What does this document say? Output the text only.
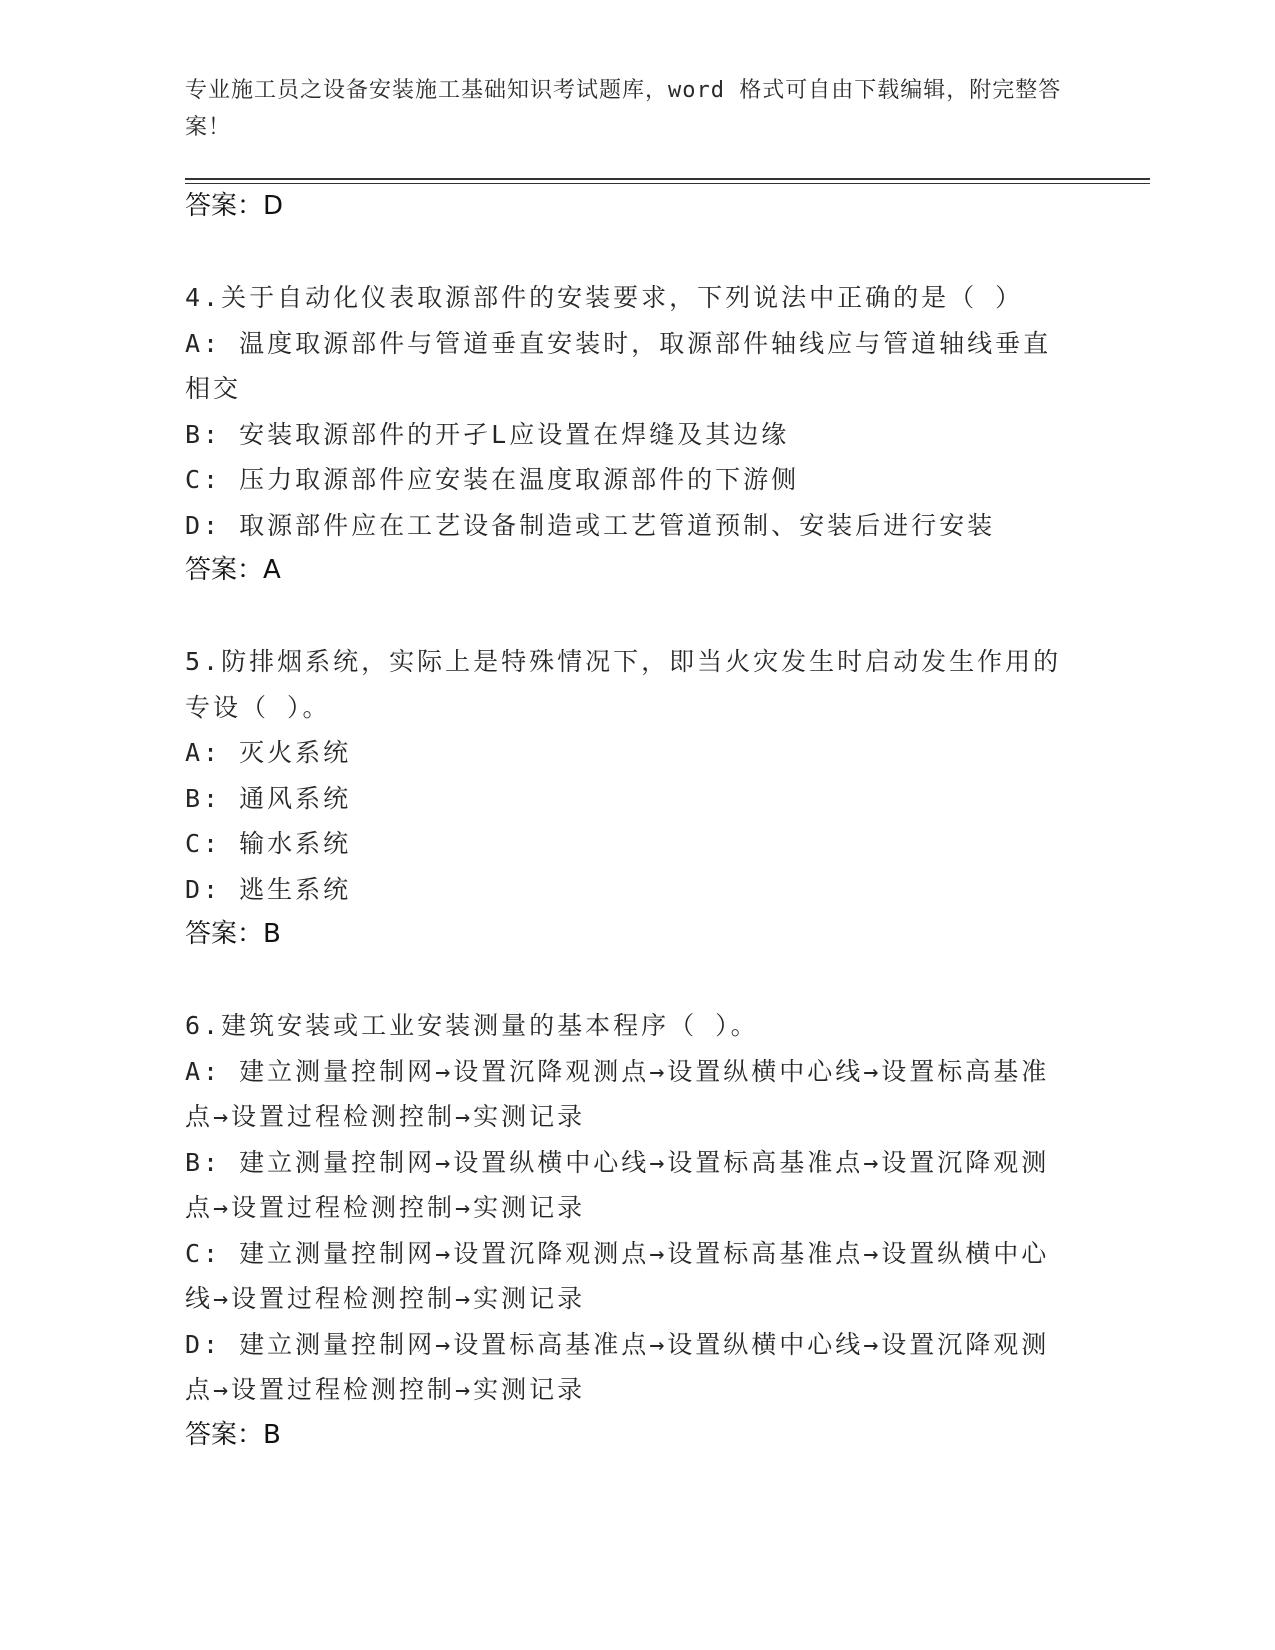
专业施工员之设备安装施工基础知识考试题库，word 格式可自由下载编辑，附完整答案！
答案：D
4.关于自动化仪表取源部件的安装要求，下列说法中正确的是（ ）
A: 温度取源部件与管道垂直安装时，取源部件轴线应与管道轴线垂直相交
B: 安装取源部件的开孑L应设置在焊缝及其边缘
C: 压力取源部件应安装在温度取源部件的下游侧
D: 取源部件应在工艺设备制造或工艺管道预制、安装后进行安装
答案：A
5.防排烟系统，实际上是特殊情况下，即当火灾发生时启动发生作用的专设（ ）。
A: 灭火系统
B: 通风系统
C: 输水系统
D: 逃生系统
答案：B
6.建筑安装或工业安装测量的基本程序（ ）。
A: 建立测量控制网→设置沉降观测点→设置纵横中心线→设置标高基准点→设置过程检测控制→实测记录
B: 建立测量控制网→设置纵横中心线→设置标高基准点→设置沉降观测点→设置过程检测控制→实测记录
C: 建立测量控制网→设置沉降观测点→设置标高基准点→设置纵横中心线→设置过程检测控制→实测记录
D: 建立测量控制网→设置标高基准点→设置纵横中心线→设置沉降观测点→设置过程检测控制→实测记录
答案：B
